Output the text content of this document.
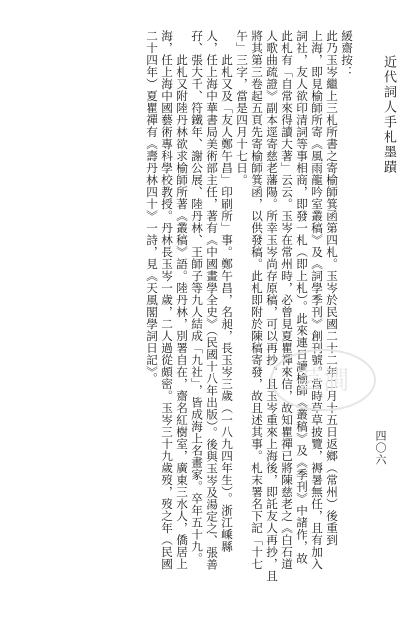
近代詞人手札墨蹟
四〇六
緩齋按：
此乃玉岑繼上三札所書之寄榆師箕函第四札。玉岑於民國二十二年二月十五日返鄉（常州）後重到
上海，即見榆師所寄《風雨龍吟室叢稿》及《詞學季刊》創刊號。當時草草披覽，褥暑無任，且有加入
詞社，友人欲印清詞等事相商，即發一札（即上札）。此來連日讀榆師《叢稿》及《季刊》中諸作，故
此札有「自常來得讀大著」云云。玉岑在常州時，必曾見夏瞿禪來信，故知瞿禪已將陳慈老之《白石道
人歌曲疏證》副本逕寄慈老藩陽。所幸玉岑尚存原稿，可以再抄。且玉岑重來上海後，即託友人再抄，且
將其第三卷起五頁先寄榆師箕函，以供發稿。此札即附於陳稿寄發，故且述其事。札末署名下記「十七
午」三字，當是四月十七日。
此札又及「友人鄭午昌」印刷所」事。鄭午昌，名昶，長玉岑三歲（一八九四年生）。浙江嵊縣
人，任上海中華書局美術部主任，著有《中國畫學全史》（民國十八年出版）。後與玉岑及湯定之、張善
孖、張大千、符鐵年、謝公展、陸丹林、王師子等九人結成「九社」，皆成海上名畫家。卒年五十九。
此札又附陸丹林欲求榆師所著《叢稿》語。陸丹林，別署自在，齋名紅樹室，廣東三水人，僑居上
海，任上海中國藝術專科學校教授。丹林長玉岑一歲，二人過從頗密。玉岑三十九歲歿，歿之年（民國
二十四年）夏瞿禪有《壽丹林四十》一詩，見《天風閣學詞日記》。	芸澗
